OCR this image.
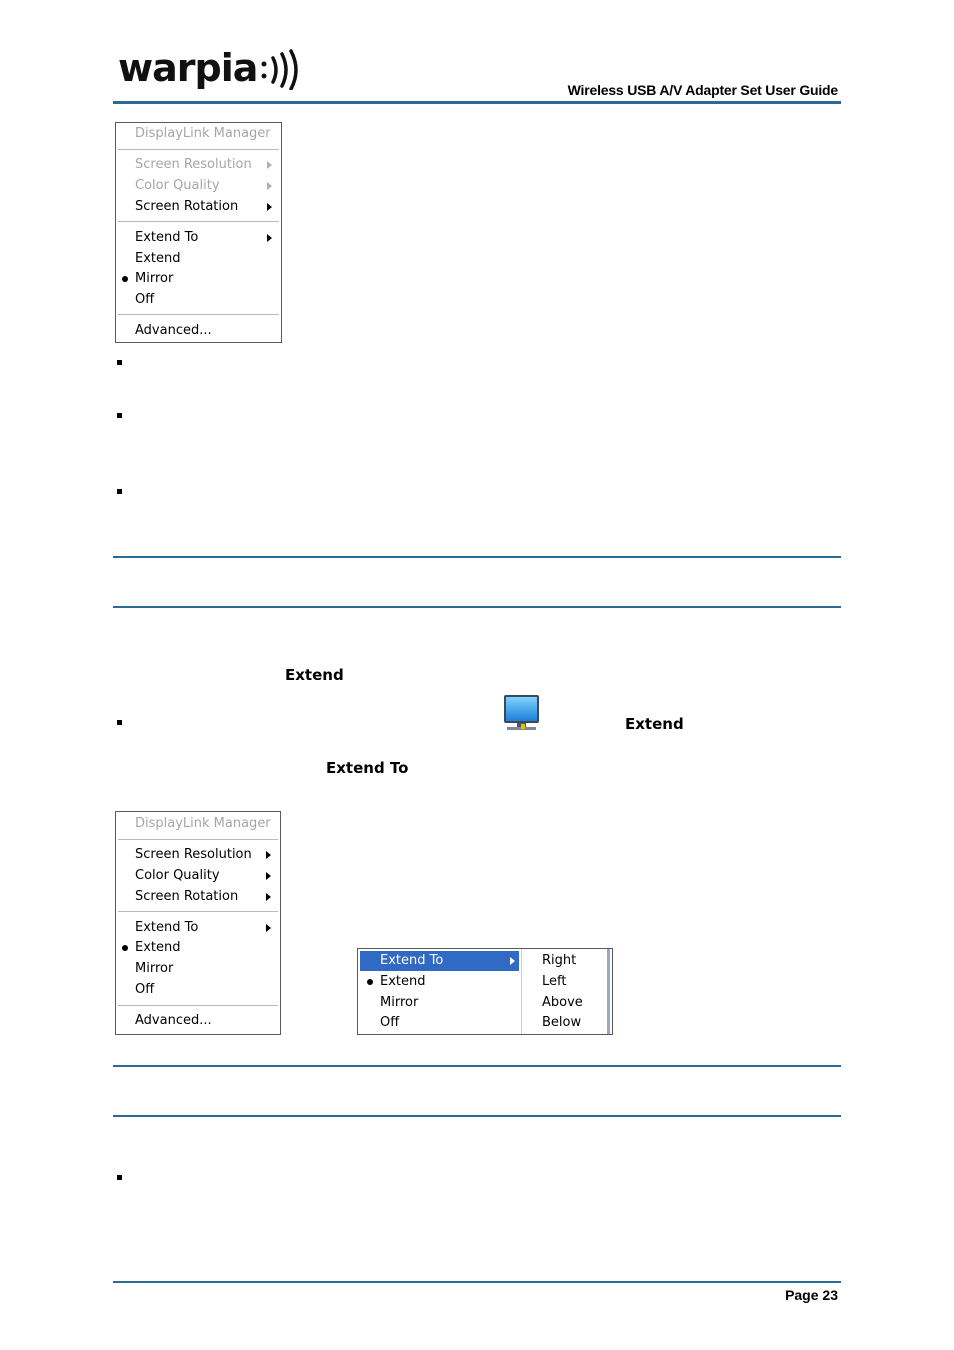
warpia	Wireless USB A/V Adapter Set User Guide
DisplayLink Manager
Screen Resolution
Color Quality
Screen Rotation
Extend To
Extend
Mirror
Off
Advanced...
Extend
Extend
Extend To
DisplayLink Manager
Screen Resolution
Color Quality
Screen Rotation
Extend To
Extend
Mirror
Off
Advanced...
Extend To
Extend
Mirror
Off
Right
Left
Above
Below
Page 23
